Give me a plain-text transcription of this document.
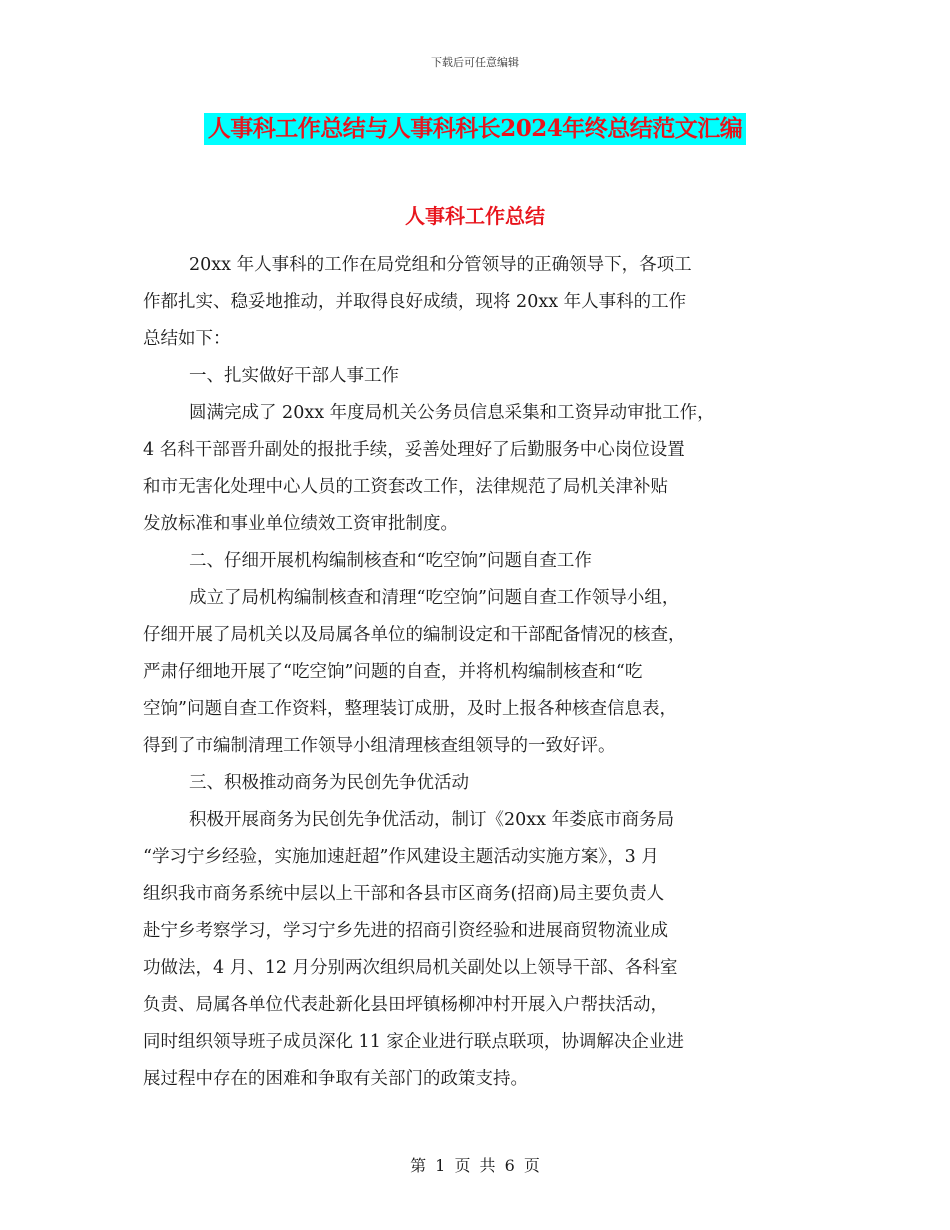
下载后可任意编辑
人事科工作总结与人事科科长2024年终总结范文汇编
人事科工作总结
20xx 年人事科的工作在局党组和分管领导的正确领导下，各项工
作都扎实、稳妥地推动，并取得良好成绩，现将 20xx 年人事科的工作
总结如下：
一、扎实做好干部人事工作
圆满完成了 20xx 年度局机关公务员信息采集和工资异动审批工作，
4 名科干部晋升副处的报批手续，妥善处理好了后勤服务中心岗位设置
和市无害化处理中心人员的工资套改工作，法律规范了局机关津补贴
发放标准和事业单位绩效工资审批制度。
二、仔细开展机构编制核查和“吃空饷”问题自查工作
成立了局机构编制核查和清理“吃空饷”问题自查工作领导小组，
仔细开展了局机关以及局属各单位的编制设定和干部配备情况的核查，
严肃仔细地开展了“吃空饷”问题的自查，并将机构编制核查和“吃
空饷”问题自查工作资料，整理装订成册，及时上报各种核查信息表，
得到了市编制清理工作领导小组清理核查组领导的一致好评。
三、积极推动商务为民创先争优活动
积极开展商务为民创先争优活动，制订《20xx 年娄底市商务局
“学习宁乡经验，实施加速赶超”作风建设主题活动实施方案》，3 月
组织我市商务系统中层以上干部和各县市区商务(招商)局主要负责人
赴宁乡考察学习，学习宁乡先进的招商引资经验和进展商贸物流业成
功做法，4 月、12 月分别两次组织局机关副处以上领导干部、各科室
负责、局属各单位代表赴新化县田坪镇杨柳冲村开展入户帮扶活动，
同时组织领导班子成员深化 11 家企业进行联点联项，协调解决企业进
展过程中存在的困难和争取有关部门的政策支持。
第 1 页 共 6 页
